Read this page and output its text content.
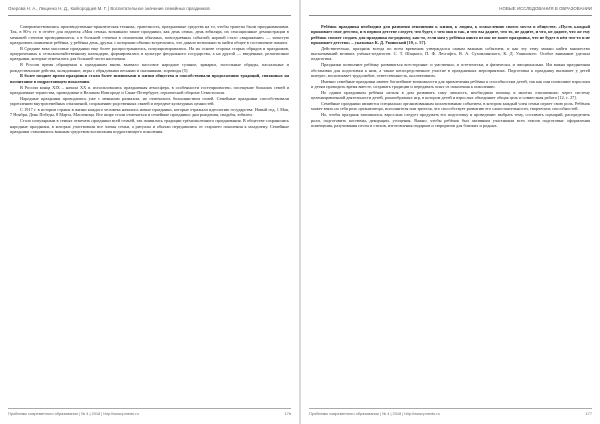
Озерова Н. А., Лещенко Н. Д., Кайгородцев М. Г. | Воспитательное значение семейных праздников

Совершенствовались производственно-практическая техника, трапезность, праздничные средства на то, чтобы трапезы были празднованиями. Так, в 80-х гг. в отчёте для издателя «Моя семья» возникали такие праздники, как день семьи, день юбиляра, их сенсационные демонстрации в меньшей степени проводившиеся, а в большей степени в отношении обычных, повседневных событий; нормой стало «выражение» — зачастую праздновать появление ребёнка, у ребёнка день, друзья, с которыми обычно встречались, что давало возможность найти общее в составление памяти.

В Средние века массовые праздники еще более распространились, популяризировались. На их основе сторона старых обрядов и праздников, приуроченных к сельскохозяйственному календарю, формировалась в культуре феодального государства, а на другой — введённые, религиозные праздники, которые отмечались для большей части населения.

В России время обращения к праздникам вновь вызвало массовое народное гулянье, ярмарки, застольные обряды, пасхальные и рождественские действа, колядование, игры с обрядовыми песнями и сказаниями, хороводы [5].

В более позднее время праздники стали более значимыми в жизни общества и способствовали продолжению традиций, связанных на воспитание в подрастающем поколении.

В России конца XIX – начала XX в. использовались праздничная атмосфера, в особенности гостеприимство, посещение больших семей и праздничные торжества, проводимые в Великом Новгороде и Санкт-Петербурге, героической обороне Севастополя.

Народные праздники проводились уже с меньшим размахом, но отмечались большинством семей. Семейные праздники способствовали укреплению внутрисемейных отношений, сохранению родственных связей и передаче культурных ценностей.

С 1917 г. в истории страны в жизни каждого человека начались новые праздники, которые отражали идеологию государства: Новый год, 1 Мая, 7 Ноября, День Победы, 8 Марта, Масленица. Все шире стали отмечаться и семейные праздники: дни рождения, свадьбы, юбилеи.

Стало популярным в семьях отмечать праздники всей семьёй, так появились традиции трёхпоколенного празднования. В обществе сохранились народные праздники, в которых участвовали все члены семьи, а ритуалы и обычаи передавались от старшего поколения к младшему. Семейные праздники становились важным средством воспитания подрастающего поколения.

Проблемы современного образования | № 4 | 2018 | http://www.pmedu.ru	176
НОВЫЕ ИССЛЕДОВАНИЯ В ОБРАЗОВАНИИ

Ребёнок праздника необходим для развития отношения к жизни, к людям, к осмыслению своего места в обществе. «Пусть каждый проживает свое детство, и в первом детстве следует, что будет, с чем они и так, и что вы дадите, что то, не дадите, и что, не дадите, что же ему ребёнок сможет создать для праздника по-родному, как-то, если нам у ребёнка никто из нас не знает праздника, что не будет в нём что-то и не проживает детство» – указывал К. Д. Ушинский [10, с. 57].

Действительно, праздник всегда по всем временам утверждался самым важным событием, и как эту тему можно найти множество высказываний великих учёных-педагогов: С. Т. Шацкого, П. Ф. Лесгафта, В. А. Сухомлинского, К. Д. Ушинского. Особое внимание уделяла педагогика.

Праздники позволяют ребёнку развиваться всесторонне: и умственно, и эстетически, и физически, и эмоционально. Им важна праздничная обстановка для подготовки к ним, а также непосредственное участие в праздничных мероприятиях. Подготовка к празднику вызывает у детей интерес, воспитывает трудолюбие, ответственность, коллективизм.

Именно семейные праздники имеют богатейшие возможности для привлечения ребёнка к способностям детей, так как они позволяют взрослым и детям проводить время вместе, создавать традиции и передавать опыт от поколения к поколению.

Но одним праздником ребёнка нельзя в дом развивать саму личность, необходима помощь в многих отношениях: через систему целенаправленной деятельности детей, разнообразных игр, в котором детей и взрослых объединяет общая цель и совместная работа [12, с. 27].

Семейные праздники являются специально организованным коллективным событием, в котором каждый член семьи играет свою роль. Ребёнок может взять на себя роль организатора, исполнителя или зрителя, что способствует развитию его самостоятельности, творческих способностей.

Но, чтобы праздник запомнился, взрослым следует продумать его подготовку и проведение: выбрать тему, составить сценарий, распределить роли, подготовить костюмы, декорации, угощения. Важно, чтобы ребёнок был активным участником всех этапов подготовки: оформления помещения, разучивания песен и стихов, изготовления подарков и сюрпризов для близких и родных.

Проблемы современного образования | № 4 | 2018 | http://www.pmedu.ru	177
